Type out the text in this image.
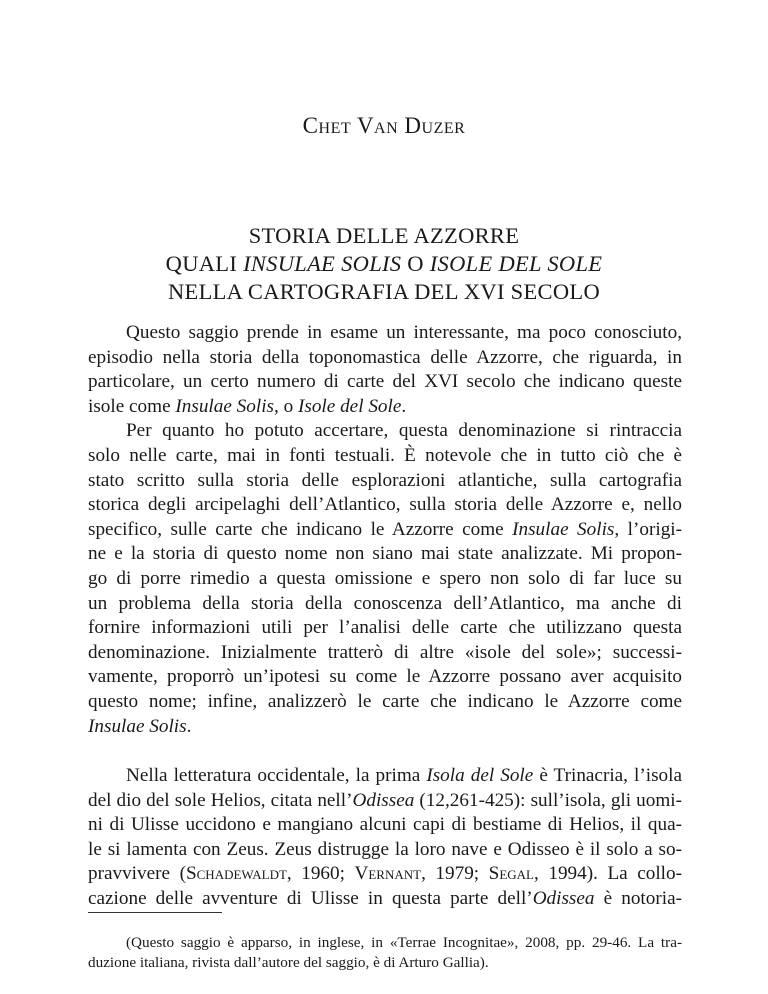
Chet Van Duzer
STORIA DELLE AZZORRE
QUALI INSULAE SOLIS O ISOLE DEL SOLE
NELLA CARTOGRAFIA DEL XVI SECOLO
Questo saggio prende in esame un interessante, ma poco conosciuto,
episodio nella storia della toponomastica delle Azzorre, che riguarda, in
particolare, un certo numero di carte del XVI secolo che indicano queste
isole come Insulae Solis, o Isole del Sole.
Per quanto ho potuto accertare, questa denominazione si rintraccia
solo nelle carte, mai in fonti testuali. È notevole che in tutto ciò che è
stato scritto sulla storia delle esplorazioni atlantiche, sulla cartografia
storica degli arcipelaghi dell’Atlantico, sulla storia delle Azzorre e, nello
specifico, sulle carte che indicano le Azzorre come Insulae Solis, l’origi-
ne e la storia di questo nome non siano mai state analizzate. Mi propon-
go di porre rimedio a questa omissione e spero non solo di far luce su
un problema della storia della conoscenza dell’Atlantico, ma anche di
fornire informazioni utili per l’analisi delle carte che utilizzano questa
denominazione. Inizialmente tratterò di altre «isole del sole»; successi-
vamente, proporrò un’ipotesi su come le Azzorre possano aver acquisito
questo nome; infine, analizzerò le carte che indicano le Azzorre come
Insulae Solis.
Nella letteratura occidentale, la prima Isola del Sole è Trinacria, l’isola
del dio del sole Helios, citata nell’Odissea (12,261-425): sull’isola, gli uomi-
ni di Ulisse uccidono e mangiano alcuni capi di bestiame di Helios, il qua-
le si lamenta con Zeus. Zeus distrugge la loro nave e Odisseo è il solo a so-
pravvivere (Schadewaldt, 1960; Vernant, 1979; Segal, 1994). La collo-
cazione delle avventure di Ulisse in questa parte dell’Odissea è notoria-
(Questo saggio è apparso, in inglese, in «Terrae Incognitae», 2008, pp. 29-46. La tra-
duzione italiana, rivista dall’autore del saggio, è di Arturo Gallia).
